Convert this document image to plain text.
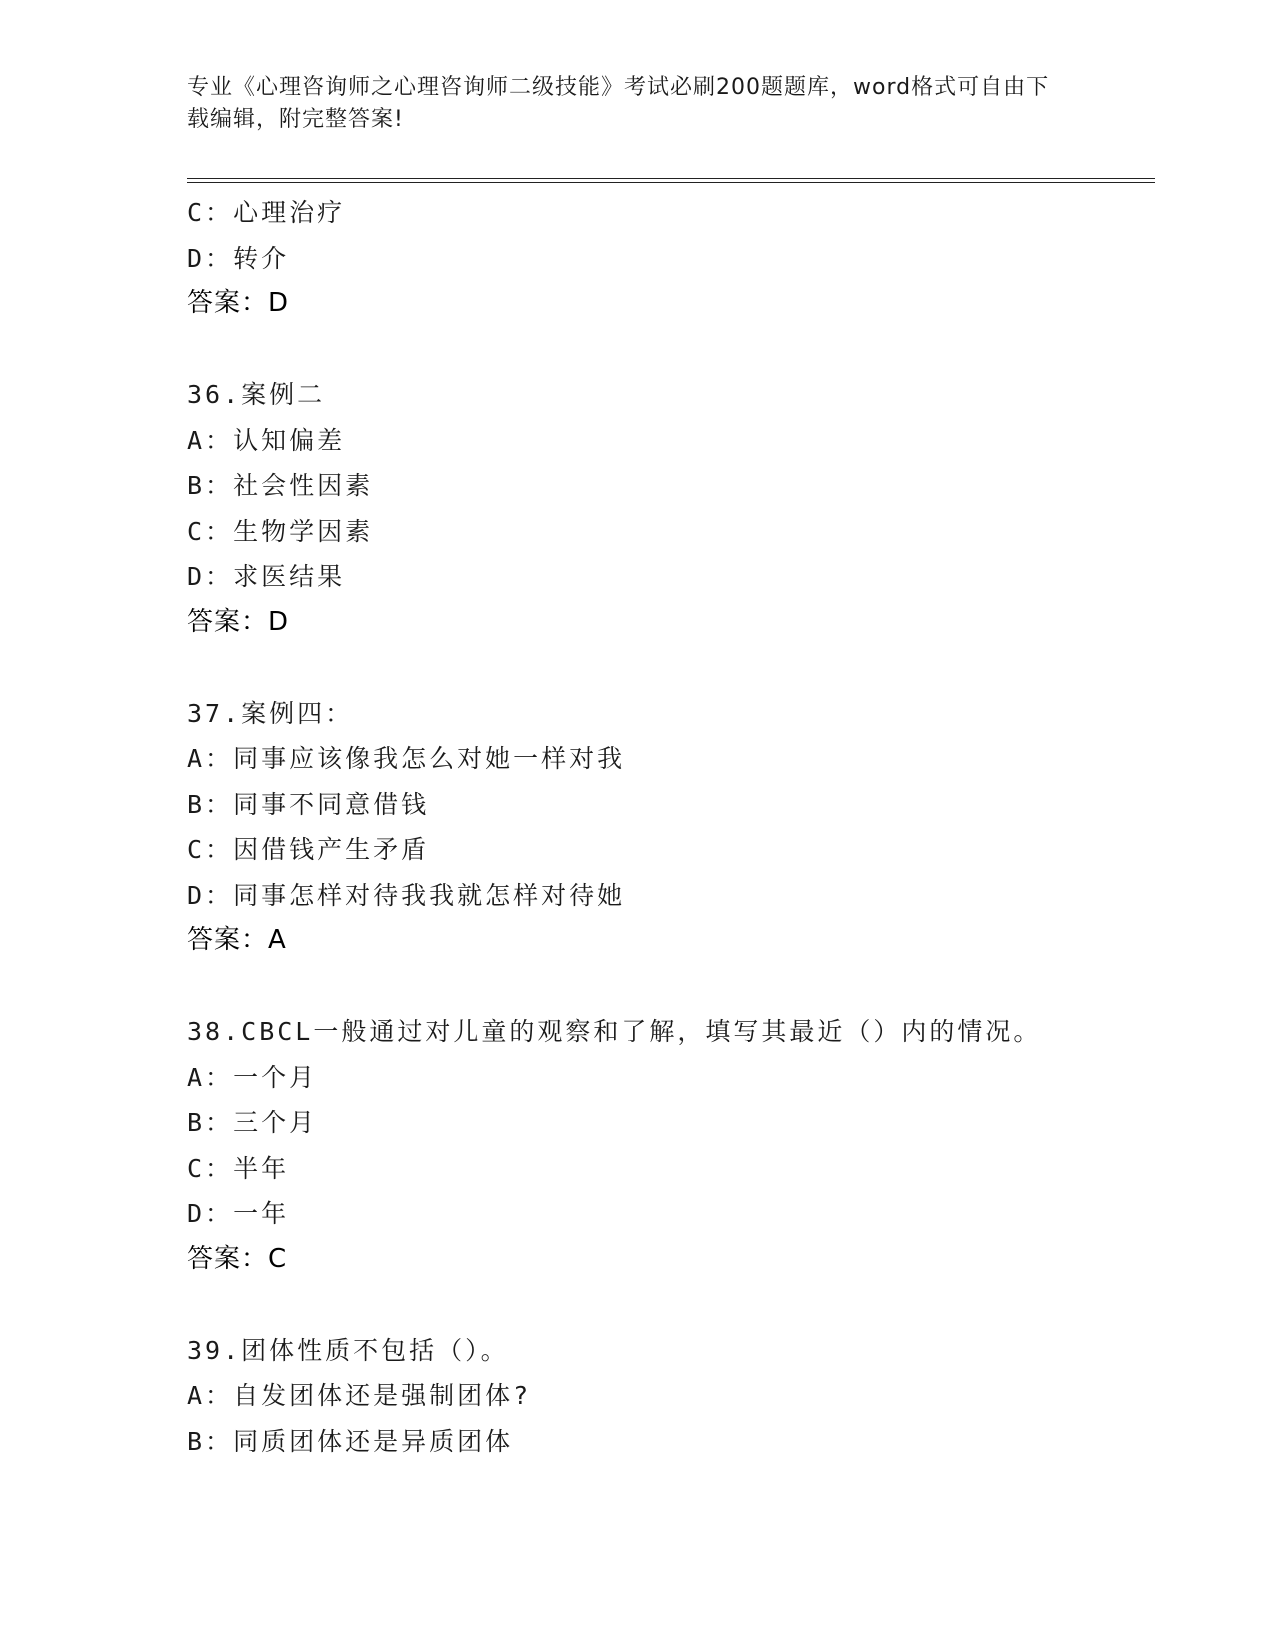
专业《心理咨询师之心理咨询师二级技能》考试必刷200题题库，word格式可自由下载编辑，附完整答案!
C：心理治疗
D：转介
答案：D
36.案例二
A：认知偏差
B：社会性因素
C：生物学因素
D：求医结果
答案：D
37.案例四：
A：同事应该像我怎么对她一样对我
B：同事不同意借钱
C：因借钱产生矛盾
D：同事怎样对待我我就怎样对待她
答案：A
38.CBCL一般通过对儿童的观察和了解，填写其最近（）内的情况。
A：一个月
B：三个月
C：半年
D：一年
答案：C
39.团体性质不包括（）。
A：自发团体还是强制团体?
B：同质团体还是异质团体
